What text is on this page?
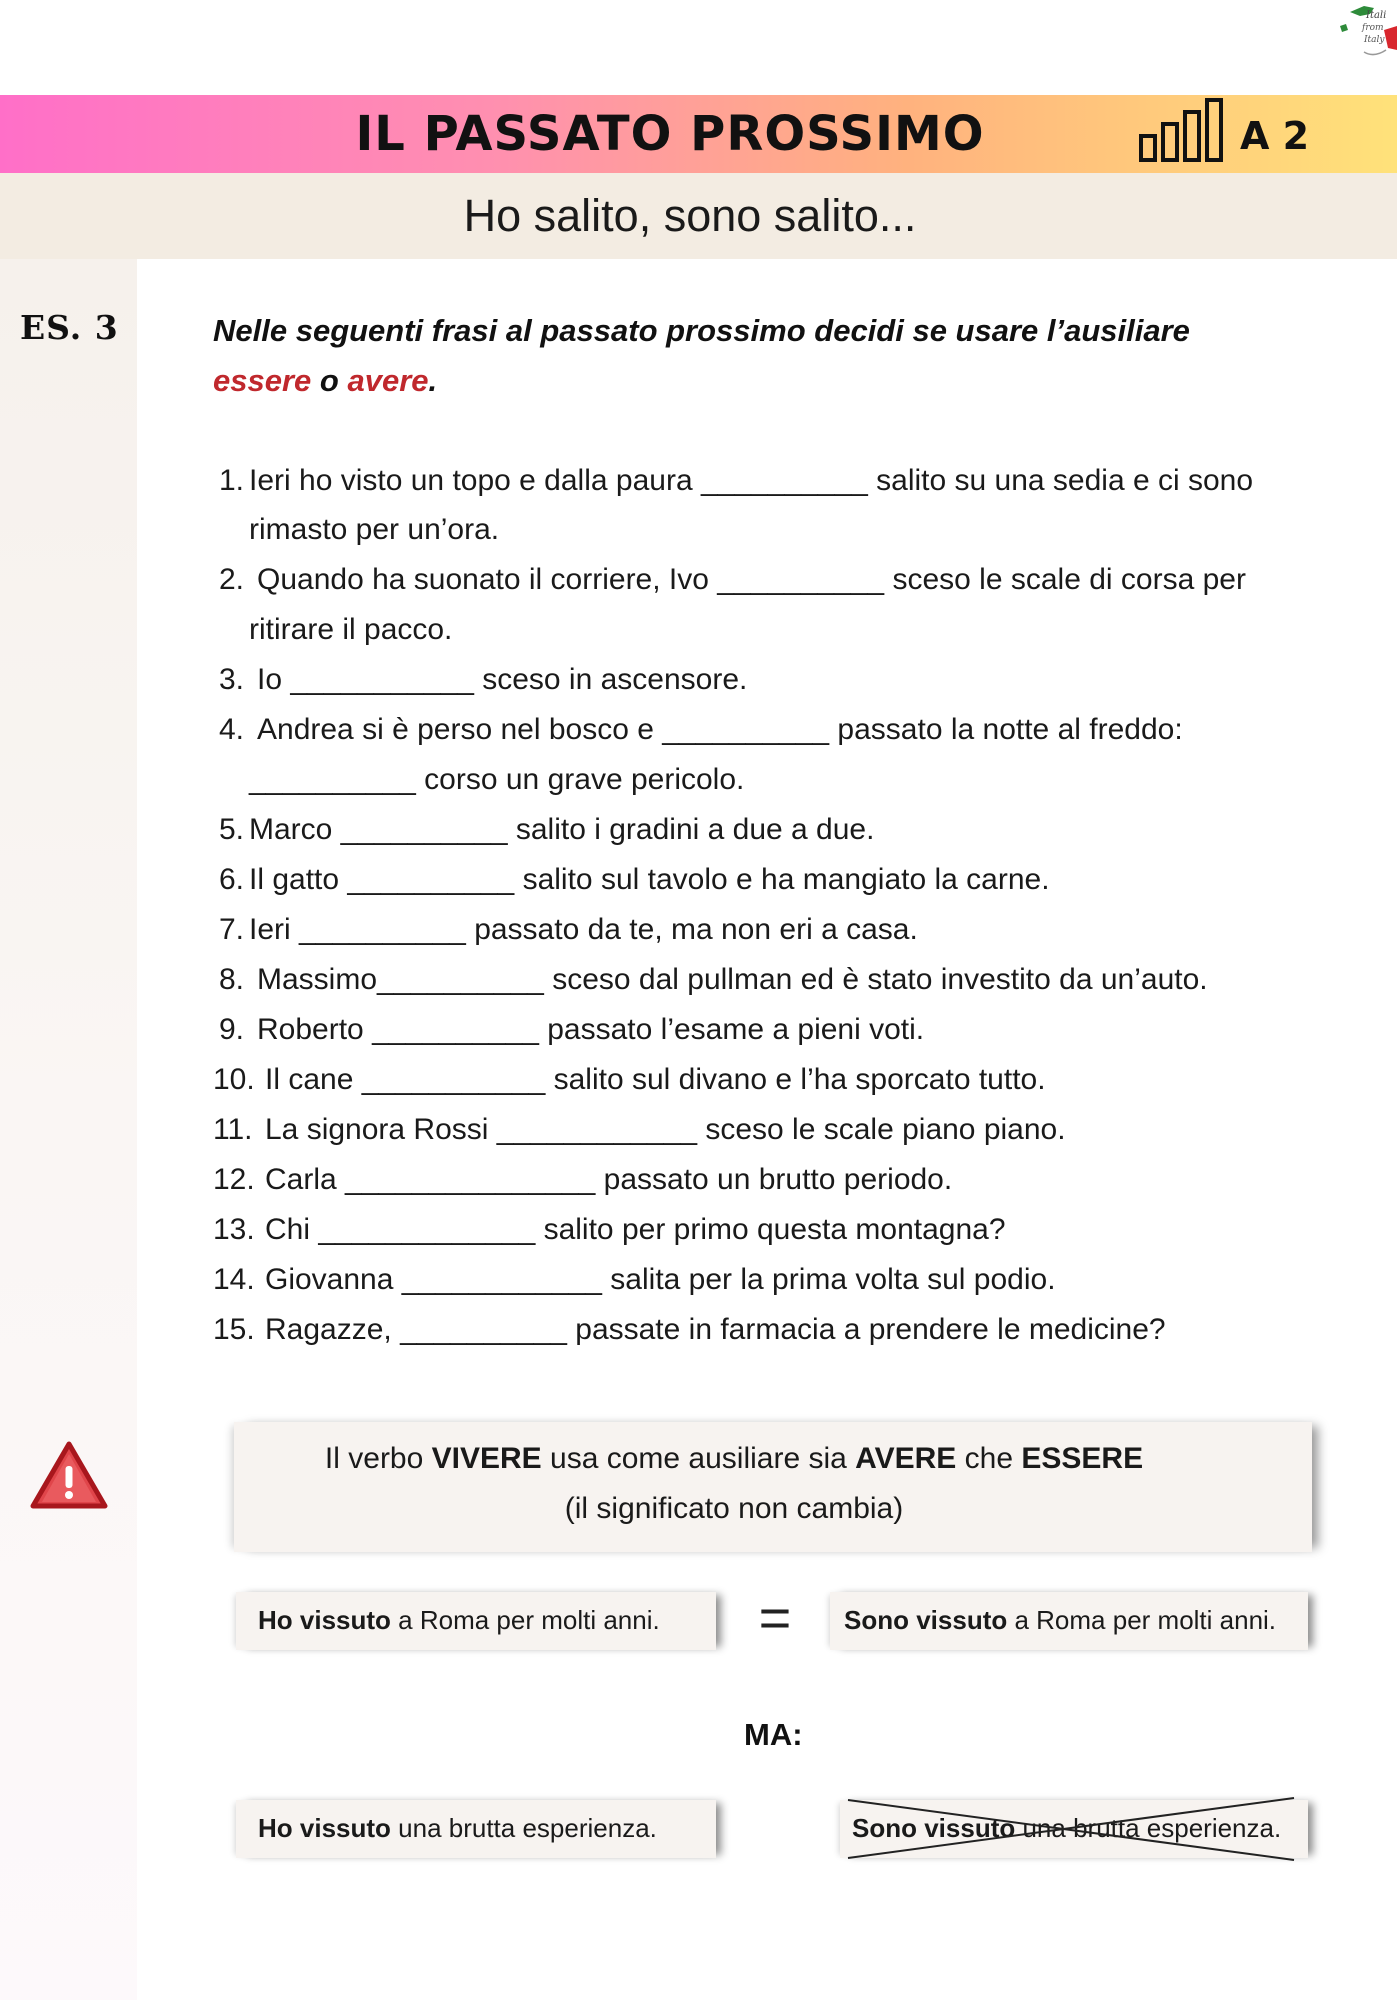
Itali
from
Italy
IL PASSATO PROSSIMO	A 2
Ho salito, sono salito...
ES. 3	Nelle seguenti frasi al passato prossimo decidi se usare l’ausiliare
essere o avere.
1. Ieri ho visto un topo e dalla paura __________ salito su una sedia e ci sono
rimasto per un’ora.
2. Quando ha suonato il corriere, Ivo __________ sceso le scale di corsa per
ritirare il pacco.
3. Io ___________ sceso in ascensore.
4. Andrea si è perso nel bosco e __________ passato la notte al freddo:
__________ corso un grave pericolo.
5. Marco __________ salito i gradini a due a due.
6. Il gatto __________ salito sul tavolo e ha mangiato la carne.
7. Ieri __________ passato da te, ma non eri a casa.
8. Massimo__________ sceso dal pullman ed è stato investito da un’auto.
9. Roberto __________ passato l’esame a pieni voti.
10. Il cane ___________ salito sul divano e l’ha sporcato tutto.
11. La signora Rossi ____________ sceso le scale piano piano.
12. Carla _______________ passato un brutto periodo.
13. Chi _____________ salito per primo questa montagna?
14. Giovanna ____________ salita per la prima volta sul podio.
15. Ragazze, __________ passate in farmacia a prendere le medicine?
Il verbo VIVERE usa come ausiliare sia AVERE che ESSERE
(il significato non cambia)
Ho vissuto a Roma per molti anni.	=	Sono vissuto a Roma per molti anni.
MA:
Ho vissuto una brutta esperienza.	Sono vissuto una brutta esperienza.
